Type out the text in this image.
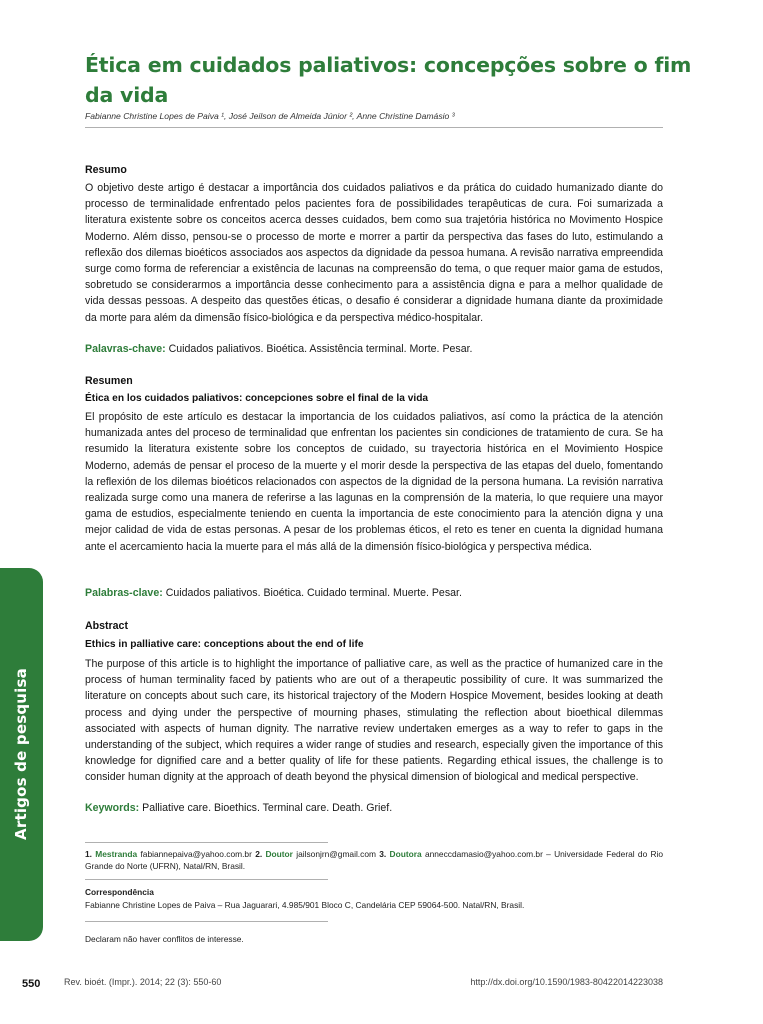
Ética em cuidados paliativos: concepções sobre o fim da vida
Fabianne Christine Lopes de Paiva ¹, José Jeilson de Almeida Júnior ², Anne Christine Damásio ³
Resumo
O objetivo deste artigo é destacar a importância dos cuidados paliativos e da prática do cuidado humanizado diante do processo de terminalidade enfrentado pelos pacientes fora de possibilidades terapêuticas de cura. Foi sumarizada a literatura existente sobre os conceitos acerca desses cuidados, bem como sua trajetória histórica no Movimento Hospice Moderno. Além disso, pensou-se o processo de morte e morrer a partir da perspectiva das fases do luto, estimulando a reflexão dos dilemas bioéticos associados aos aspectos da dignidade da pessoa humana. A revisão narrativa empreendida surge como forma de referenciar a existência de lacunas na compreensão do tema, o que requer maior gama de estudos, sobretudo se considerarmos a importância desse conhecimento para a assistência digna e para a melhor qualidade de vida dessas pessoas. A despeito das questões éticas, o desafio é considerar a dignidade humana diante da proximidade da morte para além da dimensão físico-biológica e da perspectiva médico-hospitalar.
Palavras-chave: Cuidados paliativos. Bioética. Assistência terminal. Morte. Pesar.
Resumen
Ética en los cuidados paliativos: concepciones sobre el final de la vida
El propósito de este artículo es destacar la importancia de los cuidados paliativos, así como la práctica de la atención humanizada antes del proceso de terminalidad que enfrentan los pacientes sin condiciones de tratamiento de cura. Se ha resumido la literatura existente sobre los conceptos de cuidado, su trayectoria histórica en el Movimiento Hospice Moderno, además de pensar el proceso de la muerte y el morir desde la perspectiva de las etapas del duelo, fomentando la reflexión de los dilemas bioéticos relacionados con aspectos de la dignidad de la persona humana. La revisión narrativa realizada surge como una manera de referirse a las lagunas en la comprensión de la materia, lo que requiere una mayor gama de estudios, especialmente teniendo en cuenta la importancia de este conocimiento para la atención digna y una mejor calidad de vida de estas personas. A pesar de los problemas éticos, el reto es tener en cuenta la dignidad humana ante el acercamiento hacia la muerte para el más allá de la dimensión físico-biológica y perspectiva médica.
Palabras-clave: Cuidados paliativos. Bioética. Cuidado terminal. Muerte. Pesar.
Abstract
Ethics in palliative care: conceptions about the end of life
The purpose of this article is to highlight the importance of palliative care, as well as the practice of humanized care in the process of human terminality faced by patients who are out of a therapeutic possibility of cure. It was summarized the literature on concepts about such care, its historical trajectory of the Modern Hospice Movement, besides looking at death process and dying under the perspective of mourning phases, stimulating the reflection about bioethical dilemmas associated with aspects of human dignity. The narrative review undertaken emerges as a way to refer to gaps in the understanding of the subject, which requires a wider range of studies and research, especially given the importance of this knowledge for dignified care and a better quality of life for these patients. Regarding ethical issues, the challenge is to consider human dignity at the approach of death beyond the physical dimension of biological and medical perspective.
Keywords: Palliative care. Bioethics. Terminal care. Death. Grief.
Artigos de pesquisa
1. Mestranda fabiannepaiva@yahoo.com.br 2. Doutor jailsonjrn@gmail.com 3. Doutora anneccdamasio@yahoo.com.br – Universidade Federal do Rio Grande do Norte (UFRN), Natal/RN, Brasil.
Correspondência
Fabianne Christine Lopes de Paiva – Rua Jaguarari, 4.985/901 Bloco C, Candelária CEP 59064-500. Natal/RN, Brasil.
Declaram não haver conflitos de interesse.
550	Rev. bioét. (Impr.). 2014; 22 (3): 550-60	http://dx.doi.org/10.1590/1983-80422014223038
